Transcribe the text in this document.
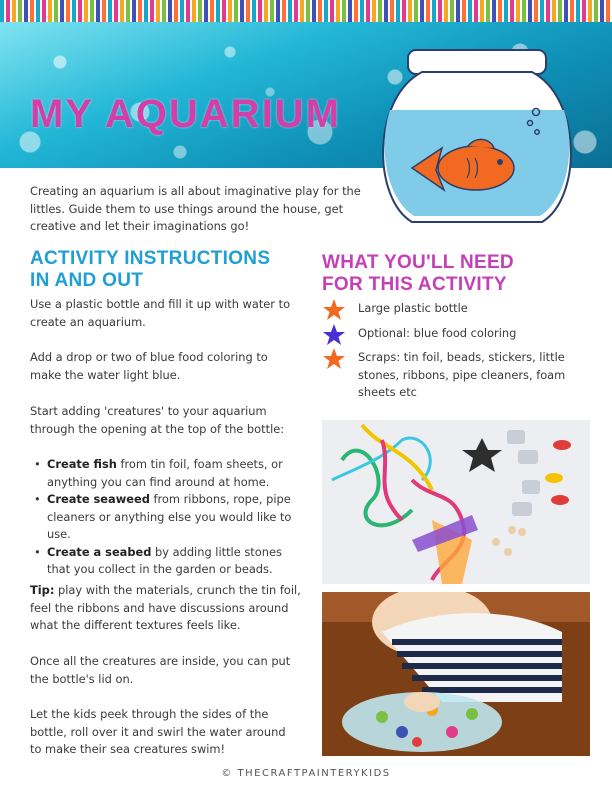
MY AQUARIUM

Creating an aquarium is all about imaginative play for the littles. Guide them to use things around the house, get creative and let their imaginations go!

ACTIVITY INSTRUCTIONS
IN AND OUT

Use a plastic bottle and fill it up with water to create an aquarium.

Add a drop or two of blue food coloring to make the water light blue.

Start adding 'creatures' to your aquarium through the opening at the top of the bottle:

• Create fish from tin foil, foam sheets, or anything you can find around at home.
• Create seaweed from ribbons, rope, pipe cleaners or anything else you would like to use.
• Create a seabed by adding little stones that you collect in the garden or beads.

Tip: play with the materials, crunch the tin foil, feel the ribbons and have discussions around what the different textures feels like.

Once all the creatures are inside, you can put the bottle's lid on.

Let the kids peek through the sides of the bottle, roll over it and swirl the water around to make their sea creatures swim!

WHAT YOU'LL NEED
FOR THIS ACTIVITY
Large plastic bottle
Optional: blue food coloring
Scraps: tin foil, beads, stickers, little stones, ribbons, pipe cleaners, foam sheets etc

© THECRAFTPAINTERYKIDS
